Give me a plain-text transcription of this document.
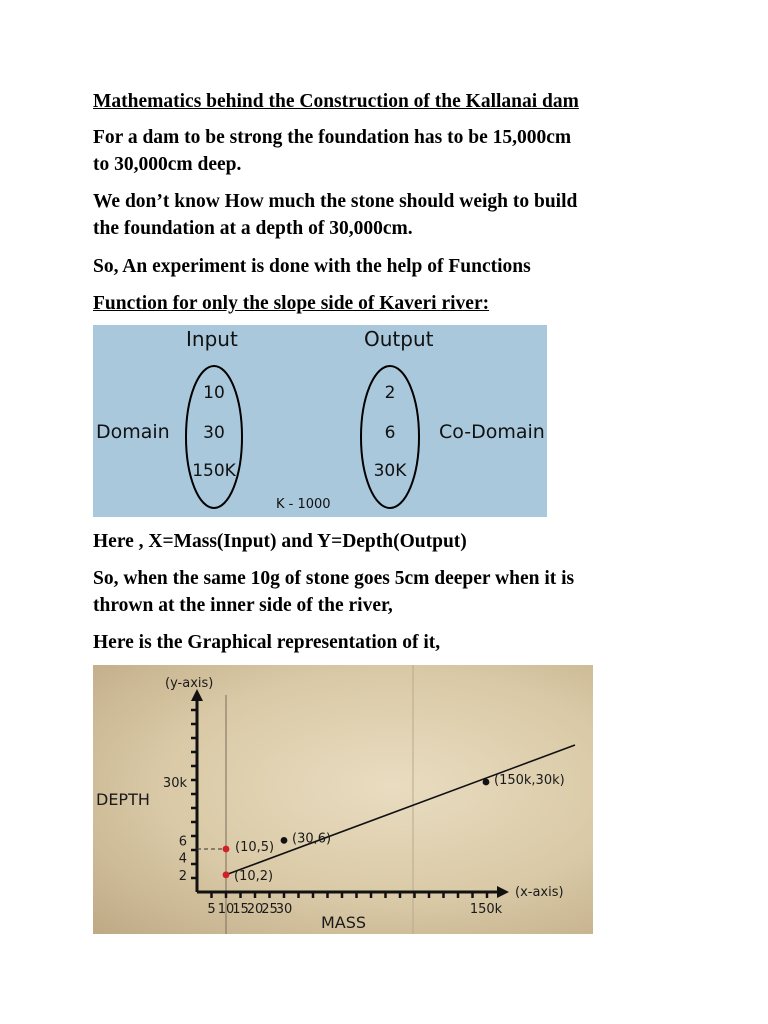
Mathematics behind the Construction of the Kallanai dam
For a dam to be strong the foundation has to be 15,000cm
to 30,000cm deep.
We don’t know How much the stone should weigh to build
the foundation at a depth of 30,000cm.
So, An experiment is done with the help of Functions
Function for only the slope side of Kaveri river:
Input	Output
Domain	Co-Domain
10
30
150K
2
6
30K
K - 1000
Here , X=Mass(Input) and Y=Depth(Output)
So, when the same 10g of stone goes 5cm deeper when it is
thrown at the inner side of the river,
Here is the Graphical representation of it,
(y-axis)
(x-axis)
DEPTH
MASS
2
4
6
30k
5 10
15
20
25
30	150k
(10,2)
(30,6)
(150k,30k)
(10,5)
